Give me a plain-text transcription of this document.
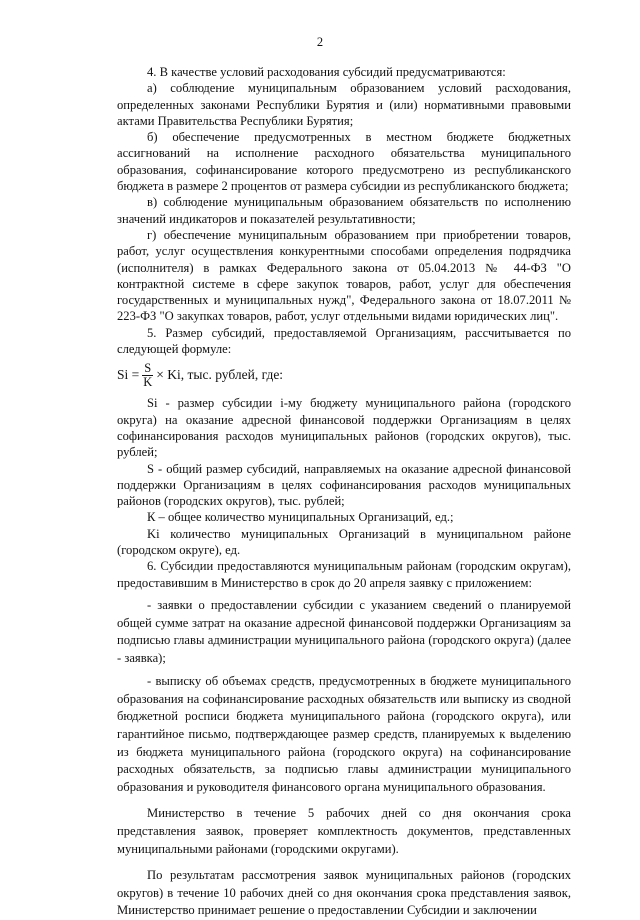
2

4. В качестве условий расходования субсидий предусматриваются:

а) соблюдение муниципальным образованием условий расходования, определенных законами Республики Бурятия и (или) нормативными правовыми актами Правительства Республики Бурятия;

б) обеспечение предусмотренных в местном бюджете бюджетных ассигнований на исполнение расходного обязательства муниципального образования, софинансирование которого предусмотрено из республиканского бюджета в размере 2 процентов от размера субсидии из республиканского бюджета;

в) соблюдение муниципальным образованием обязательств по исполнению значений индикаторов и показателей результативности;

г) обеспечение муниципальным образованием при приобретении товаров, работ, услуг осуществления конкурентными способами определения подрядчика (исполнителя) в рамках Федерального закона от 05.04.2013 № 44-ФЗ "О контрактной системе в сфере закупок товаров, работ, услуг для обеспечения государственных и муниципальных нужд", Федерального закона от 18.07.2011 № 223-ФЗ "О закупках товаров, работ, услуг отдельными видами юридических лиц".

5. Размер субсидий, предоставляемой Организациям, рассчитывается по следующей формуле:

$Si = \frac{S}{K} \times Ki$, тыс. рублей, где:

Si - размер субсидии i-му бюджету муниципального района (городского округа) на оказание адресной финансовой поддержки Организациям в целях софинансирования расходов муниципальных районов (городских округов), тыс. рублей;

S - общий размер субсидий, направляемых на оказание адресной финансовой поддержки Организациям в целях софинансирования расходов муниципальных районов (городских округов), тыс. рублей;

К – общее количество муниципальных Организаций, ед.;

Ki количество муниципальных Организаций в муниципальном районе (городском округе), ед.

6. Субсидии предоставляются муниципальным районам (городским округам), предоставившим в Министерство в срок до 20 апреля заявку с приложением:

- заявки о предоставлении субсидии с указанием сведений о планируемой общей сумме затрат на оказание адресной финансовой поддержки Организациям за подписью главы администрации муниципального района (городского округа) (далее - заявка);

- выписку об объемах средств, предусмотренных в бюджете муниципального образования на софинансирование расходных обязательств или выписку из сводной бюджетной росписи бюджета муниципального района (городского округа), или гарантийное письмо, подтверждающее размер средств, планируемых к выделению из бюджета муниципального района (городского округа) на софинансирование расходных обязательств, за подписью главы администрации муниципального образования и руководителя финансового органа муниципального образования.

Министерство в течение 5 рабочих дней со дня окончания срока представления заявок, проверяет комплектность документов, представленных муниципальными районами (городскими округами).

По результатам рассмотрения заявок муниципальных районов (городских округов) в течение 10 рабочих дней со дня окончания срока представления заявок, Министерство принимает решение о предоставлении Субсидии и заключении
